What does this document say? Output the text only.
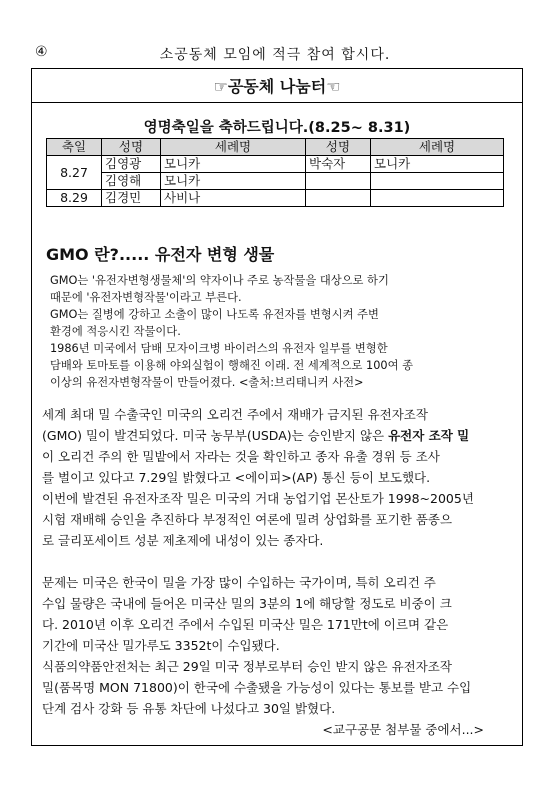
④	소공동체 모임에 적극 참여 합시다.
☞공동체 나눔터☜
영명축일을 축하드립니다.(8.25~ 8.31)
축일	성명	세례명	성명	세례명
8.27	김영광	모니카	박숙자	모니카
	김영해	모니카		
8.29	김경민	사비나		
GMO 란?..... 유전자 변형 생물
GMO는 '유전자변형생물체'의 약자이나 주로 농작물을 대상으로 하기
때문에 '유전자변형작물'이라고 부른다.
GMO는 질병에 강하고 소출이 많이 나도록 유전자를 변형시켜 주변
환경에 적응시킨 작물이다.
1986년 미국에서 담배 모자이크병 바이러스의 유전자 일부를 변형한
담배와 토마토를 이용해 야외실험이 행해진 이래. 전 세계적으로 100여 종
이상의 유전자변형작물이 만들어졌다. <출처:브리태니커 사전>
세계 최대 밀 수출국인 미국의 오리건 주에서 재배가 금지된 유전자조작
(GMO) 밀이 발견되었다. 미국 농무부(USDA)는 승인받지 않은 유전자 조작 밀
이 오리건 주의 한 밀밭에서 자라는 것을 확인하고 종자 유출 경위 등 조사
를 벌이고 있다고 7.29일 밝혔다고 <에이피>(AP) 통신 등이 보도했다.
이번에 발견된 유전자조작 밀은 미국의 거대 농업기업 몬산토가 1998~2005년
시험 재배해 승인을 추진하다 부정적인 여론에 밀려 상업화를 포기한 품종으
로 글리포세이트 성분 제초제에 내성이 있는 종자다.
문제는 미국은 한국이 밀을 가장 많이 수입하는 국가이며, 특히 오리건 주
수입 물량은 국내에 들어온 미국산 밀의 3분의 1에 해당할 정도로 비중이 크
다. 2010년 이후 오리건 주에서 수입된 미국산 밀은 171만t에 이르며 같은
기간에 미국산 밀가루도 3352t이 수입됐다.
식품의약품안전처는 최근 29일 미국 정부로부터 승인 받지 않은 유전자조작
밀(품목명 MON 71800)이 한국에 수출됐을 가능성이 있다는 통보를 받고 수입
단계 검사 강화 등 유통 차단에 나섰다고 30일 밝혔다.
<교구공문 첨부물 중에서...>
